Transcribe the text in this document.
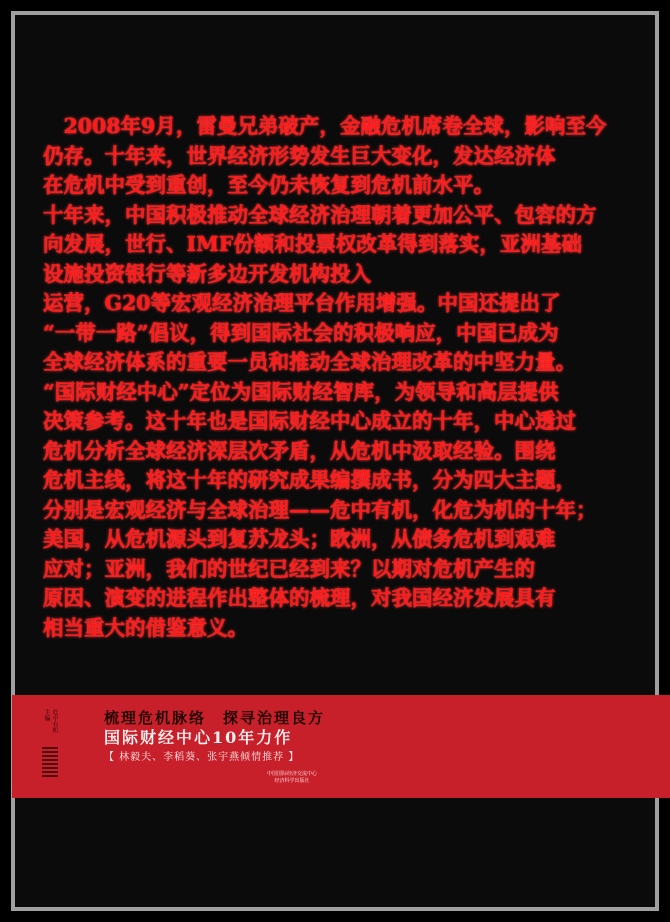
　2008年9月，雷曼兄弟破产，金融危机席卷全球，影响至今
仍存。十年来，世界经济形势发生巨大变化，发达经济体
在危机中受到重创，至今仍未恢复到危机前水平。
十年来，中国积极推动全球经济治理朝着更加公平、包容的方
向发展，世行、IMF份额和投票权改革得到落实，亚洲基础
设施投资银行等新多边开发机构投入
运营，G20等宏观经济治理平台作用增强。中国还提出了
“一带一路”倡议，得到国际社会的积极响应，中国已成为
全球经济体系的重要一员和推动全球治理改革的中坚力量。
“国际财经中心”定位为国际财经智库，为领导和高层提供
决策参考。这十年也是国际财经中心成立的十年，中心透过
危机分析全球经济深层次矛盾，从危机中汲取经验。围绕
危机主线，将这十年的研究成果编撰成书，分为四大主题，
分别是宏观经济与全球治理——危中有机，化危为机的十年；
美国，从危机源头到复苏龙头；欧洲，从债务危机到艰难
应对；亚洲，我们的世纪已经到来？以期对危机产生的
原因、演变的进程作出整体的梳理，对我国经济发展具有
相当重大的借鉴意义。
危中有机 主编	梳理危机脉络　探寻治理良方
国际财经中心10年力作
【 林毅夫、李稻葵、张宇燕倾情推荐 】
中国国际经济交流中心
经济科学出版社
